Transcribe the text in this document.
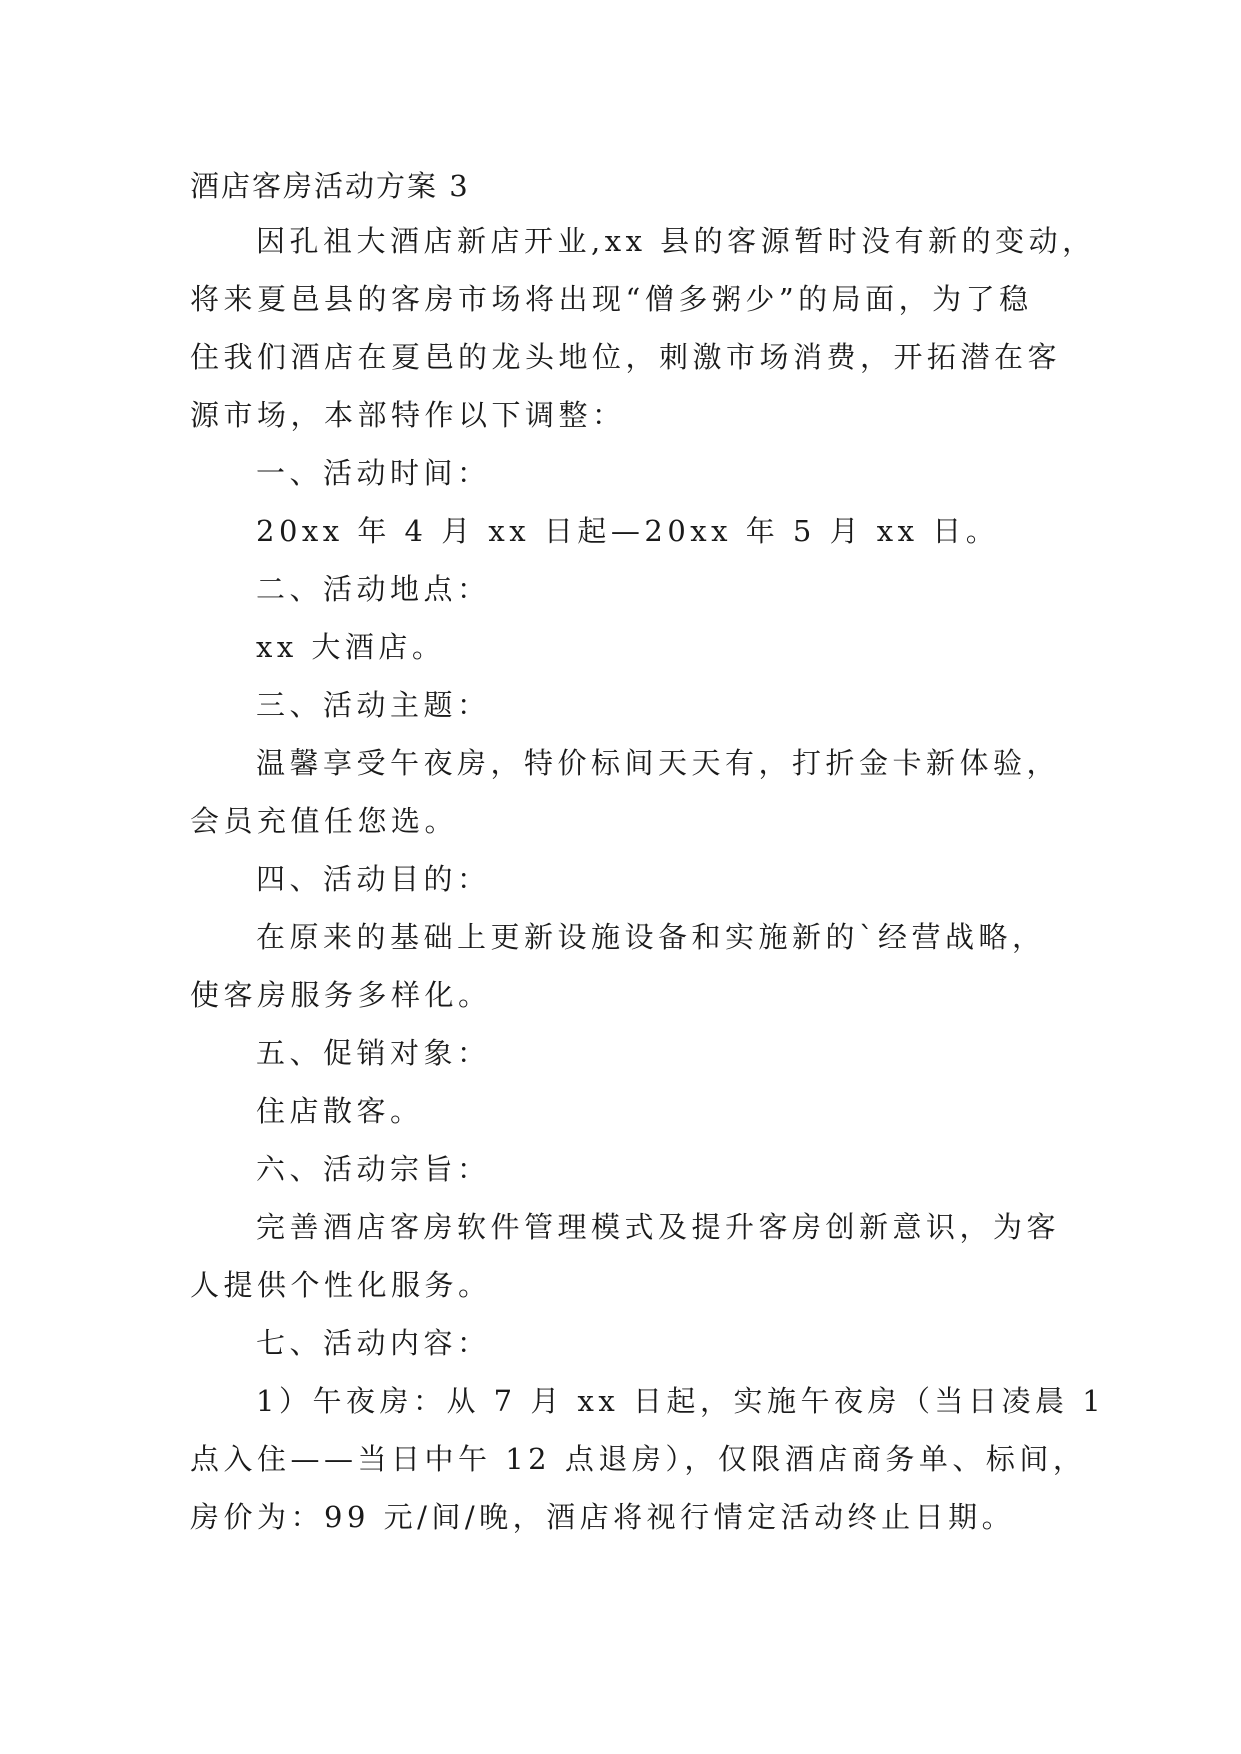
酒店客房活动方案 3

因孔祖大酒店新店开业,xx 县的客源暂时没有新的变动，

将来夏邑县的客房市场将出现“僧多粥少”的局面，为了稳

住我们酒店在夏邑的龙头地位，刺激市场消费，开拓潜在客

源市场，本部特作以下调整：

一、活动时间：

20xx 年 4 月 xx 日起—20xx 年 5 月 xx 日。

二、活动地点：

xx 大酒店。

三、活动主题：

温馨享受午夜房，特价标间天天有，打折金卡新体验，

会员充值任您选。

四、活动目的：

在原来的基础上更新设施设备和实施新的`经营战略，

使客房服务多样化。

五、促销对象：

住店散客。

六、活动宗旨：

完善酒店客房软件管理模式及提升客房创新意识，为客

人提供个性化服务。

七、活动内容：

1）午夜房：从 7 月 xx 日起，实施午夜房（当日凌晨 1

点入住——当日中午 12 点退房），仅限酒店商务单、标间，

房价为：99 元/间/晚，酒店将视行情定活动终止日期。
